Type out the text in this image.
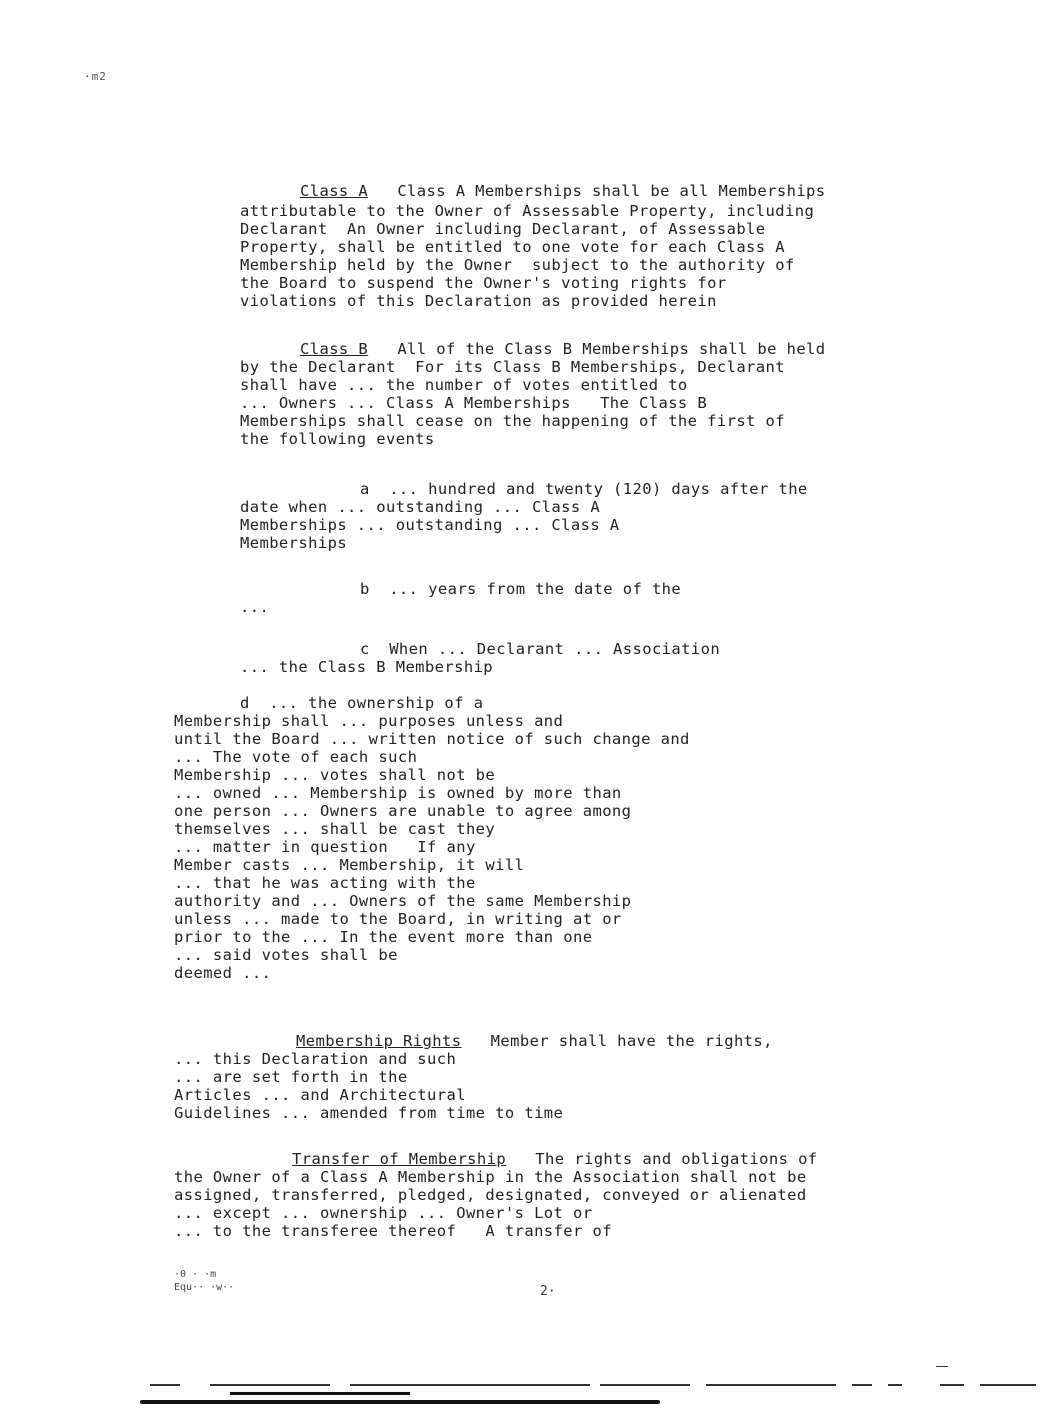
·m2
Class A   Class A Memberships shall be all Memberships
attributable to the Owner of Assessable Property, including
Declarant  An Owner including Declarant, of Assessable
Property, shall be entitled to one vote for each Class A
Membership held by the Owner  subject to the authority of
the Board to suspend the Owner's voting rights for
violations of this Declaration as provided herein
Class B   All of the Class B Memberships shall be held
by the Declarant  For its Class B Memberships, Declarant
shall have ... the number of votes entitled to
... Owners ... Class A Memberships   The Class B
Memberships shall cease on the happening of the first of
the following events
a  ... hundred and twenty (120) days after the
date when ... outstanding ... Class A
Memberships ... outstanding ... Class A
Memberships
b  ... years from the date of the
...
c  When ... Declarant ... Association
... the Class B Membership
d  ... the ownership of a
Membership shall ... purposes unless and
until the Board ... written notice of such change and
... The vote of each such
Membership ... votes shall not be
... owned ... Membership is owned by more than
one person ... Owners are unable to agree among
themselves ... shall be cast they
... matter in question   If any
Member casts ... Membership, it will
... that he was acting with the
authority and ... Owners of the same Membership
unless ... made to the Board, in writing at or
prior to the ... In the event more than one
... said votes shall be
deemed ...
Membership Rights   Member shall have the rights,
... this Declaration and such
... are set forth in the
Articles ... and Architectural
Guidelines ... amended from time to time
Transfer of Membership   The rights and obligations of
the Owner of a Class A Membership in the Association shall not be
assigned, transferred, pledged, designated, conveyed or alienated
... except ... ownership ... Owner's Lot or
... to the transferee thereof   A transfer of
·0 · ·m
Equ·· ·w··	2·
